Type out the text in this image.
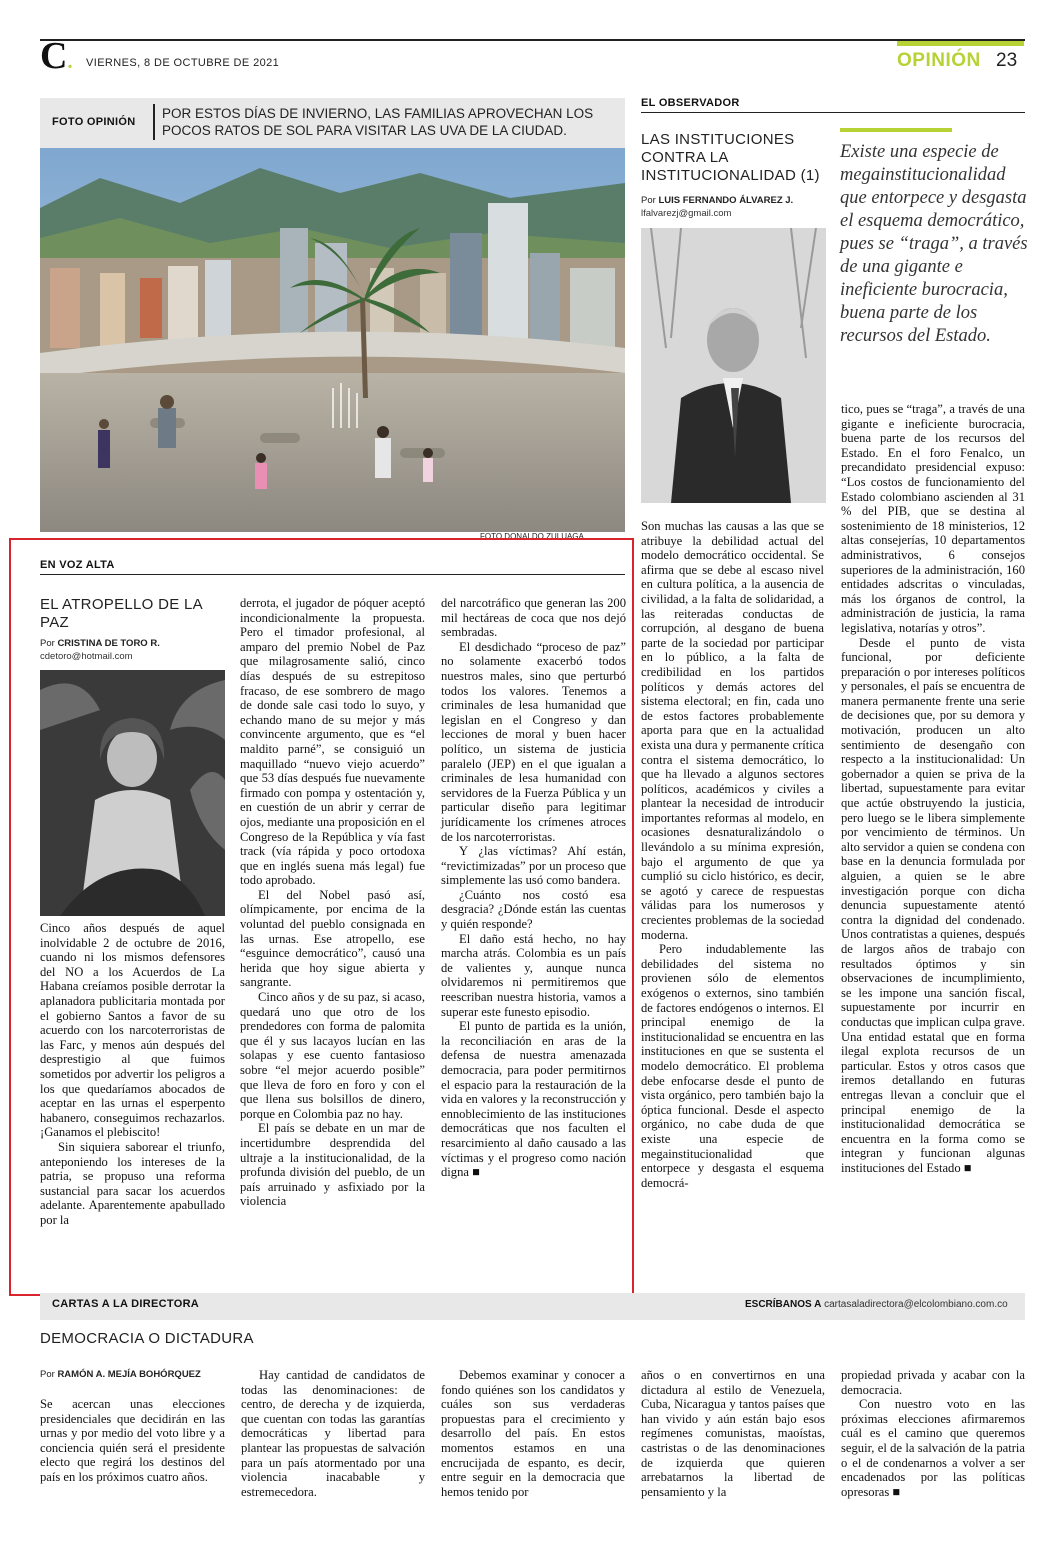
C. VIERNES, 8 DE OCTUBRE DE 2021	OPINIÓN 23
FOTO OPINIÓN
POR ESTOS DÍAS DE INVIERNO, LAS FAMILIAS APROVECHAN LOS POCOS RATOS DE SOL PARA VISITAR LAS UVA DE LA CIUDAD.
FOTO DONALDO ZULUAGA
EL OBSERVADOR
LAS INSTITUCIONES CONTRA LA INSTITUCIONALIDAD (1)
Por LUIS FERNANDO ÁLVAREZ J.
lfalvarezj@gmail.com
Existe una especie de megainstitucionalidad que entorpece y desgasta el esquema democrático, pues se “traga”, a través de una gigante e ineficiente burocracia, buena parte de los recursos del Estado.

Son muchas las causas a las que se atribuye la debilidad actual del modelo democrático occidental. Se afirma que se debe al escaso nivel en cultura política, a la ausencia de civilidad, a la falta de solidaridad, a las reiteradas conductas de corrupción, al desgano de buena parte de la sociedad por participar en lo público, a la falta de credibilidad en los partidos políticos y demás actores del sistema electoral; en fin, cada uno de estos factores probablemente aporta para que en la actualidad exista una dura y permanente crítica contra el sistema democrático, lo que ha llevado a algunos sectores políticos, académicos y civiles a plantear la necesidad de introducir importantes reformas al modelo, en ocasiones desnaturalizándolo o llevándolo a su mínima expresión, bajo el argumento de que ya cumplió su ciclo histórico, es decir, se agotó y carece de respuestas válidas para los numerosos y crecientes problemas de la sociedad moderna.

Pero indudablemente las debilidades del sistema no provienen sólo de elementos exógenos o externos, sino también de factores endógenos o internos. El principal enemigo de la institucionalidad se encuentra en las instituciones en que se sustenta el modelo democrático. El problema debe enfocarse desde el punto de vista orgánico, pero también bajo la óptica funcional. Desde el aspecto orgánico, no cabe duda de que existe una especie de megainstitucionalidad que entorpece y desgasta el esquema democrá-

tico, pues se “traga”, a través de una gigante e ineficiente burocracia, buena parte de los recursos del Estado. En el foro Fenalco, un precandidato presidencial expuso: “Los costos de funcionamiento del Estado colombiano ascienden al 31 % del PIB, que se destina al sostenimiento de 18 ministerios, 12 altas consejerías, 10 departamentos administrativos, 6 consejos superiores de la administración, 160 entidades adscritas o vinculadas, más los órganos de control, la administración de justicia, la rama legislativa, notarías y otros”.

Desde el punto de vista funcional, por deficiente preparación o por intereses políticos y personales, el país se encuentra de manera permanente frente una serie de decisiones que, por su demora y motivación, producen un alto sentimiento de desengaño con respecto a la institucionalidad: Un gobernador a quien se priva de la libertad, supuestamente para evitar que actúe obstruyendo la justicia, pero luego se le libera simplemente por vencimiento de términos. Un alto servidor a quien se condena con base en la denuncia formulada por alguien, a quien se le abre investigación porque con dicha denuncia supuestamente atentó contra la dignidad del condenado. Unos contratistas a quienes, después de largos años de trabajo con resultados óptimos y sin observaciones de incumplimiento, se les impone una sanción fiscal, supuestamente por incurrir en conductas que implican culpa grave. Una entidad estatal que en forma ilegal explota recursos de un particular. Estos y otros casos que iremos detallando en futuras entregas llevan a concluir que el principal enemigo de la institucionalidad democrática se encuentra en la forma como se integran y funcionan algunas instituciones del Estado ■

EN VOZ ALTA
EL ATROPELLO DE LA PAZ
Por CRISTINA DE TORO R.
cdetoro@hotmail.com

Cinco años después de aquel inolvidable 2 de octubre de 2016, cuando ni los mismos defensores del NO a los Acuerdos de La Habana creíamos posible derrotar la aplanadora publicitaria montada por el gobierno Santos a favor de su acuerdo con los narcoterroristas de las Farc, y menos aún después del desprestigio al que fuimos sometidos por advertir los peligros a los que quedaríamos abocados de aceptar en las urnas el esperpento habanero, conseguimos rechazarlos. ¡Ganamos el plebiscito!

Sin siquiera saborear el triunfo, anteponiendo los intereses de la patria, se propuso una reforma sustancial para sacar los acuerdos adelante. Aparentemente apabullado por la

derrota, el jugador de póquer aceptó incondicionalmente la propuesta. Pero el timador profesional, al amparo del premio Nobel de Paz que milagrosamente salió, cinco días después de su estrepitoso fracaso, de ese sombrero de mago de donde sale casi todo lo suyo, y echando mano de su mejor y más convincente argumento, que es “el maldito parné”, se consiguió un maquillado “nuevo viejo acuerdo” que 53 días después fue nuevamente firmado con pompa y ostentación y, en cuestión de un abrir y cerrar de ojos, mediante una proposición en el Congreso de la República y vía fast track (vía rápida y poco ortodoxa que en inglés suena más legal) fue todo aprobado.

El del Nobel pasó así, olímpicamente, por encima de la voluntad del pueblo consignada en las urnas. Ese atropello, ese “esguince democrático”, causó una herida que hoy sigue abierta y sangrante.

Cinco años y de su paz, si acaso, quedará uno que otro de los prendedores con forma de palomita que él y sus lacayos lucían en las solapas y ese cuento fantasioso sobre “el mejor acuerdo posible” que lleva de foro en foro y con el que llena sus bolsillos de dinero, porque en Colombia paz no hay.

El país se debate en un mar de incertidumbre desprendida del ultraje a la institucionalidad, de la profunda división del pueblo, de un país arruinado y asfixiado por la violencia

del narcotráfico que generan las 200 mil hectáreas de coca que nos dejó sembradas.

El desdichado “proceso de paz” no solamente exacerbó todos nuestros males, sino que perturbó todos los valores. Tenemos a criminales de lesa humanidad que legislan en el Congreso y dan lecciones de moral y buen hacer político, un sistema de justicia paralelo (JEP) en el que igualan a criminales de lesa humanidad con servidores de la Fuerza Pública y un particular diseño para legitimar jurídicamente los crímenes atroces de los narcoterroristas.

Y ¿las víctimas? Ahí están, “revictimizadas” por un proceso que simplemente las usó como bandera.

¿Cuánto nos costó esa desgracia? ¿Dónde están las cuentas y quién responde?

El daño está hecho, no hay marcha atrás. Colombia es un país de valientes y, aunque nunca olvidaremos ni permitiremos que reescriban nuestra historia, vamos a superar este funesto episodio.

El punto de partida es la unión, la reconciliación en aras de la defensa de nuestra amenazada democracia, para poder permitirnos el espacio para la restauración de la vida en valores y la reconstrucción y ennoblecimiento de las instituciones democráticas que nos faculten el resarcimiento al daño causado a las víctimas y el progreso como nación digna ■

CARTAS A LA DIRECTORA	ESCRÍBANOS A cartasaladirectora@elcolombiano.com.co
DEMOCRACIA O DICTADURA
Por RAMÓN A. MEJÍA BOHÓRQUEZ

Se acercan unas elecciones presidenciales que decidirán en las urnas y por medio del voto libre y a conciencia quién será el presidente electo que regirá los destinos del país en los próximos cuatro años.

Hay cantidad de candidatos de todas las denominaciones: de centro, de derecha y de izquierda, que cuentan con todas las garantías democráticas y libertad para plantear las propuestas de salvación para un país atormentado por una violencia inacabable y estremecedora.

Debemos examinar y conocer a fondo quiénes son los candidatos y cuáles son sus verdaderas propuestas para el crecimiento y desarrollo del país. En estos momentos estamos en una encrucijada de espanto, es decir, entre seguir en la democracia que hemos tenido por

años o en convertirnos en una dictadura al estilo de Venezuela, Cuba, Nicaragua y tantos países que han vivido y aún están bajo esos regímenes comunistas, maoístas, castristas o de las denominaciones de izquierda que quieren arrebatarnos la libertad de pensamiento y la

propiedad privada y acabar con la democracia.

Con nuestro voto en las próximas elecciones afirmaremos cuál es el camino que queremos seguir, el de la salvación de la patria o el de condenarnos a volver a ser encadenados por las políticas opresoras ■
